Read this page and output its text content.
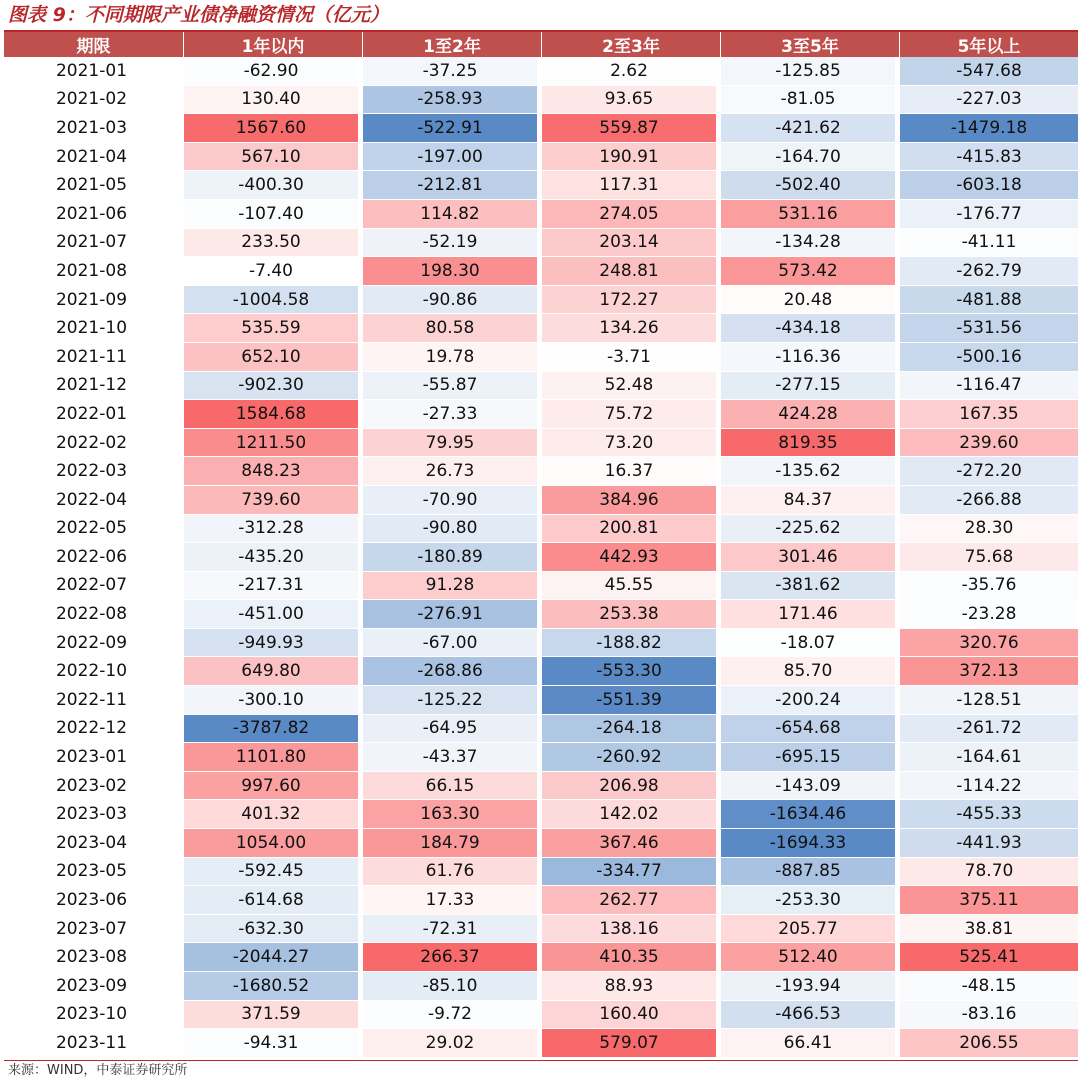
图表 9：不同期限产业债净融资情况（亿元）
期限	1年以内	1至2年	2至3年	3至5年	5年以上
2021-01	-62.90	-37.25	2.62	-125.85	-547.68
2021-02	130.40	-258.93	93.65	-81.05	-227.03
2021-03	1567.60	-522.91	559.87	-421.62	-1479.18
2021-04	567.10	-197.00	190.91	-164.70	-415.83
2021-05	-400.30	-212.81	117.31	-502.40	-603.18
2021-06	-107.40	114.82	274.05	531.16	-176.77
2021-07	233.50	-52.19	203.14	-134.28	-41.11
2021-08	-7.40	198.30	248.81	573.42	-262.79
2021-09	-1004.58	-90.86	172.27	20.48	-481.88
2021-10	535.59	80.58	134.26	-434.18	-531.56
2021-11	652.10	19.78	-3.71	-116.36	-500.16
2021-12	-902.30	-55.87	52.48	-277.15	-116.47
2022-01	1584.68	-27.33	75.72	424.28	167.35
2022-02	1211.50	79.95	73.20	819.35	239.60
2022-03	848.23	26.73	16.37	-135.62	-272.20
2022-04	739.60	-70.90	384.96	84.37	-266.88
2022-05	-312.28	-90.80	200.81	-225.62	28.30
2022-06	-435.20	-180.89	442.93	301.46	75.68
2022-07	-217.31	91.28	45.55	-381.62	-35.76
2022-08	-451.00	-276.91	253.38	171.46	-23.28
2022-09	-949.93	-67.00	-188.82	-18.07	320.76
2022-10	649.80	-268.86	-553.30	85.70	372.13
2022-11	-300.10	-125.22	-551.39	-200.24	-128.51
2022-12	-3787.82	-64.95	-264.18	-654.68	-261.72
2023-01	1101.80	-43.37	-260.92	-695.15	-164.61
2023-02	997.60	66.15	206.98	-143.09	-114.22
2023-03	401.32	163.30	142.02	-1634.46	-455.33
2023-04	1054.00	184.79	367.46	-1694.33	-441.93
2023-05	-592.45	61.76	-334.77	-887.85	78.70
2023-06	-614.68	17.33	262.77	-253.30	375.11
2023-07	-632.30	-72.31	138.16	205.77	38.81
2023-08	-2044.27	266.37	410.35	512.40	525.41
2023-09	-1680.52	-85.10	88.93	-193.94	-48.15
2023-10	371.59	-9.72	160.40	-466.53	-83.16
2023-11	-94.31	29.02	579.07	66.41	206.55
来源：WIND，中泰证券研究所
